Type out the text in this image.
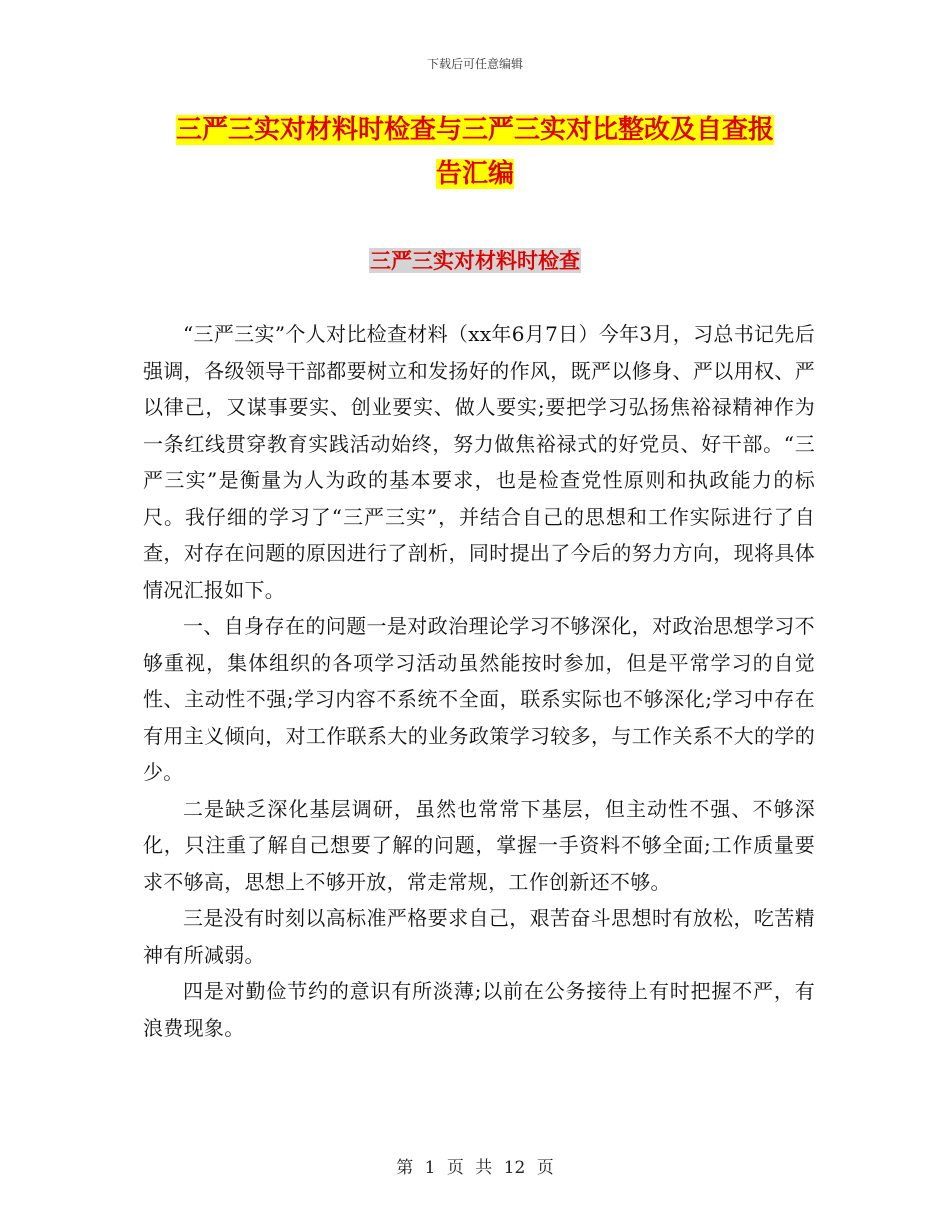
下载后可任意编辑
三严三实对材料时检查与三严三实对比整改及自查报
告汇编
三严三实对材料时检查

“三严三实”个人对比检查材料（xx年6月7日）今年3月，习总书记先后强调，各级领导干部都要树立和发扬好的作风，既严以修身、严以用权、严以律己，又谋事要实、创业要实、做人要实;要把学习弘扬焦裕禄精神作为一条红线贯穿教育实践活动始终，努力做焦裕禄式的好党员、好干部。“三严三实”是衡量为人为政的基本要求，也是检查党性原则和执政能力的标尺。我仔细的学习了“三严三实”，并结合自己的思想和工作实际进行了自查，对存在问题的原因进行了剖析，同时提出了今后的努力方向，现将具体情况汇报如下。

一、自身存在的问题一是对政治理论学习不够深化，对政治思想学习不够重视，集体组织的各项学习活动虽然能按时参加，但是平常学习的自觉性、主动性不强;学习内容不系统不全面，联系实际也不够深化;学习中存在有用主义倾向，对工作联系大的业务政策学习较多，与工作关系不大的学的少。

二是缺乏深化基层调研，虽然也常常下基层，但主动性不强、不够深化，只注重了解自己想要了解的问题，掌握一手资料不够全面;工作质量要求不够高，思想上不够开放，常走常规，工作创新还不够。

三是没有时刻以高标准严格要求自己，艰苦奋斗思想时有放松，吃苦精神有所减弱。

四是对勤俭节约的意识有所淡薄;以前在公务接待上有时把握不严，有浪费现象。

第 1 页 共 12 页
